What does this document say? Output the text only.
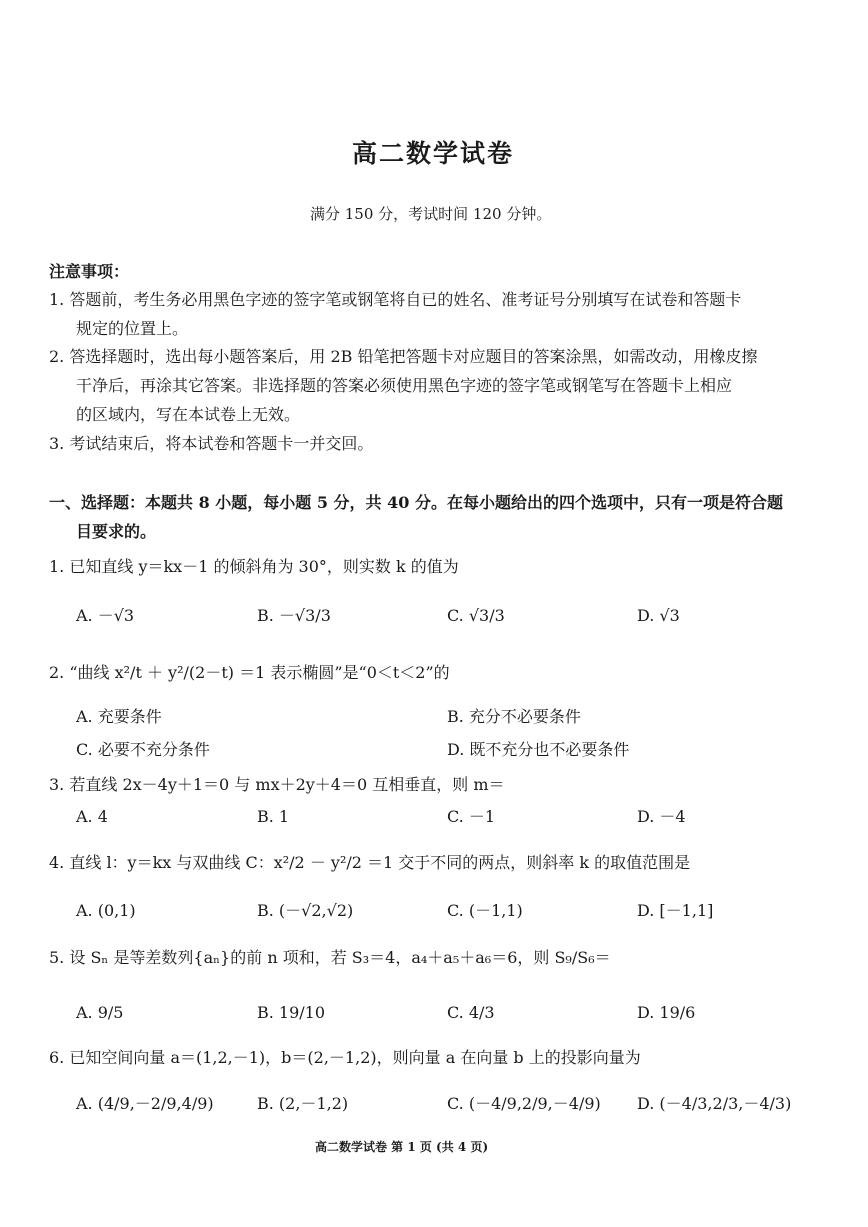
高二数学试卷
满分 150 分，考试时间 120 分钟。
注意事项：
1. 答题前，考生务必用黑色字迹的签字笔或钢笔将自已的姓名、准考证号分别填写在试卷和答题卡
规定的位置上。
2. 答选择题时，选出每小题答案后，用 2B 铅笔把答题卡对应题目的答案涂黑，如需改动，用橡皮擦
干净后，再涂其它答案。非选择题的答案必须使用黑色字迹的签字笔或钢笔写在答题卡上相应
的区域内，写在本试卷上无效。
3. 考试结束后，将本试卷和答题卡一并交回。
一、选择题：本题共 8 小题，每小题 5 分，共 40 分。在每小题给出的四个选项中，只有一项是符合题
目要求的。
1. 已知直线 y＝kx－1 的倾斜角为 30°，则实数 k 的值为
A. －√3	B. －√3/3	C. √3/3	D. √3
2. “曲线 x²/t ＋ y²/(2－t) ＝1 表示椭圆”是“0＜t＜2”的
A. 充要条件	B. 充分不必要条件
C. 必要不充分条件	D. 既不充分也不必要条件
3. 若直线 2x－4y＋1＝0 与 mx＋2y＋4＝0 互相垂直，则 m＝
A. 4	B. 1	C. －1	D. －4
4. 直线 l：y＝kx 与双曲线 C：x²/2 － y²/2 ＝1 交于不同的两点，则斜率 k 的取值范围是
A. (0,1)	B. (－√2,√2)	C. (－1,1)	D. [－1,1]
5. 设 Sₙ 是等差数列{aₙ}的前 n 项和，若 S₃＝4，a₄＋a₅＋a₆＝6，则 S₉/S₆＝
A. 9/5	B. 19/10	C. 4/3	D. 19/6
6. 已知空间向量 a＝(1,2,－1)，b＝(2,－1,2)，则向量 a 在向量 b 上的投影向量为
A. (4/9,－2/9,4/9)	B. (2,－1,2)	C. (－4/9,2/9,－4/9) D. (－4/3,2/3,－4/3)
高二数学试卷 第 1 页 (共 4 页)
